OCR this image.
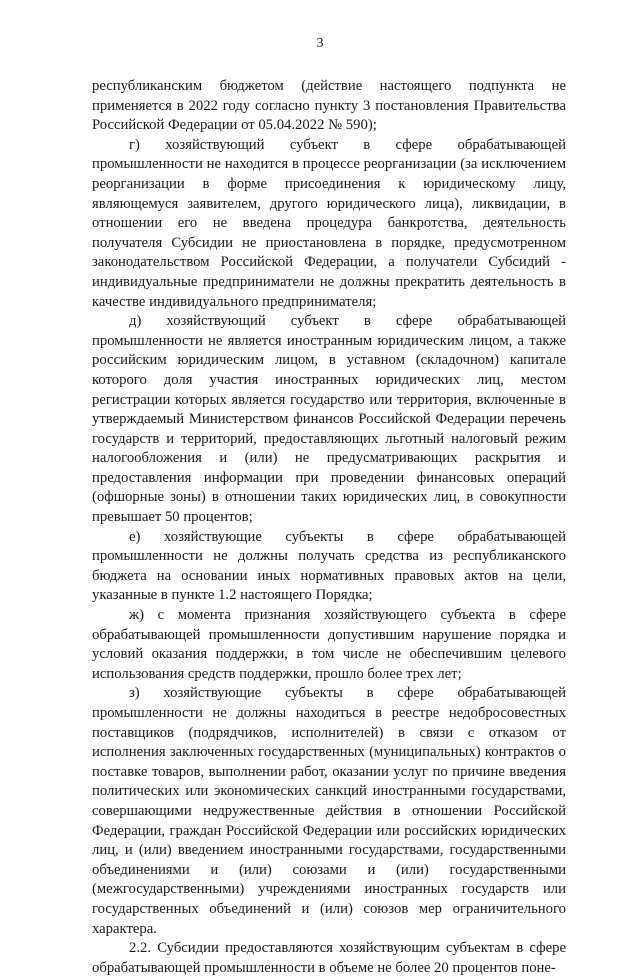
3

республиканским бюджетом (действие настоящего подпункта не применяется в 2022 году согласно пункту 3 постановления Правительства Российской Федерации от 05.04.2022 № 590);

г) хозяйствующий субъект в сфере обрабатывающей промышленности не находится в процессе реорганизации (за исключением реорганизации в форме присоединения к юридическому лицу, являющемуся заявителем, другого юридического лица), ликвидации, в отношении его не введена процедура банкротства, деятельность получателя Субсидии не приостановлена в порядке, предусмотренном законодательством Российской Федерации, а получатели Субсидий - индивидуальные предприниматели не должны прекратить деятельность в качестве индивидуального предпринимателя;

д) хозяйствующий субъект в сфере обрабатывающей промышленности не является иностранным юридическим лицом, а также российским юридическим лицом, в уставном (складочном) капитале которого доля участия иностранных юридических лиц, местом регистрации которых является государство или территория, включенные в утверждаемый Министерством финансов Российской Федерации перечень государств и территорий, предоставляющих льготный налоговый режим налогообложения и (или) не предусматривающих раскрытия и предоставления информации при проведении финансовых операций (офшорные зоны) в отношении таких юридических лиц, в совокупности превышает 50 процентов;

е) хозяйствующие субъекты в сфере обрабатывающей промышленности не должны получать средства из республиканского бюджета на основании иных нормативных правовых актов на цели, указанные в пункте 1.2 настоящего Порядка;

ж) с момента признания хозяйствующего субъекта в сфере обрабатывающей промышленности допустившим нарушение порядка и условий оказания поддержки, в том числе не обеспечившим целевого использования средств поддержки, прошло более трех лет;

з) хозяйствующие субъекты в сфере обрабатывающей промышленности не должны находиться в реестре недобросовестных поставщиков (подрядчиков, исполнителей) в связи с отказом от исполнения заключенных государственных (муниципальных) контрактов о поставке товаров, выполнении работ, оказании услуг по причине введения политических или экономических санкций иностранными государствами, совершающими недружественные действия в отношении Российской Федерации, граждан Российской Федерации или российских юридических лиц, и (или) введением иностранными государствами, государственными объединениями и (или) союзами и (или) государственными (межгосударственными) учреждениями иностранных государств или государственных объединений и (или) союзов мер ограничительного характера.

2.2. Субсидии предоставляются хозяйствующим субъектам в сфере обрабатывающей промышленности в объеме не более 20 процентов поне-
